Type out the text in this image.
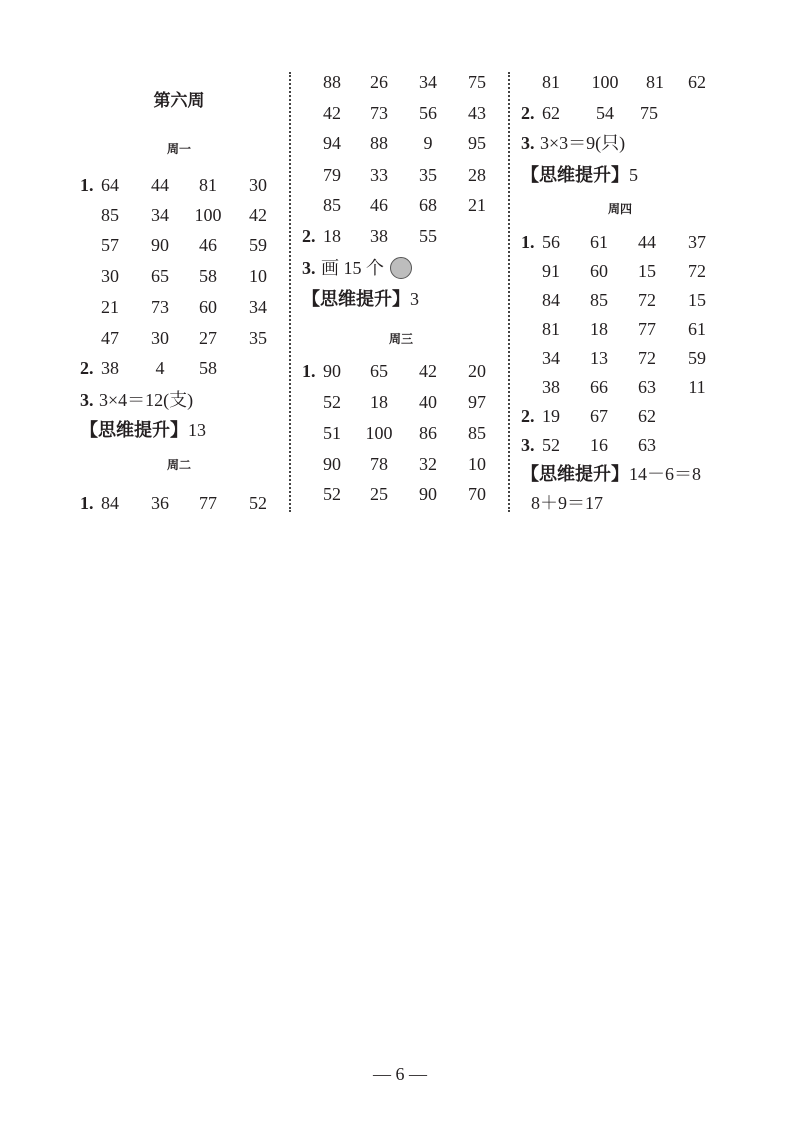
第六周
周一
1. 64	44	81	30
85	34	100	42
57	90	46	59
30	65	58	10
21	73	60	34
47	30	27	35
2. 38	4	58
3. 3×4＝12(支)
【思维提升】13
周二
1. 84	36	77	52
88	26	34	75
42	73	56	43
94	88	9	95
79	33	35	28
85	46	68	21
2. 18	38	55
3. 画 15 个
【思维提升】3
周三
1. 90	65	42	20
52	18	40	97
51	100	86	85
90	78	32	10
52	25	90	70
81	100	81	62
2. 62	54	75
3. 3×3＝9(只)
【思维提升】5
周四
1. 56	61	44	37
91	60	15	72
84	85	72	15
81	18	77	61
34	13	72	59
38	66	63	11
2. 19	67	62
3. 52	16	63
【思维提升】14－6＝8
8＋9＝17
— 6 —
